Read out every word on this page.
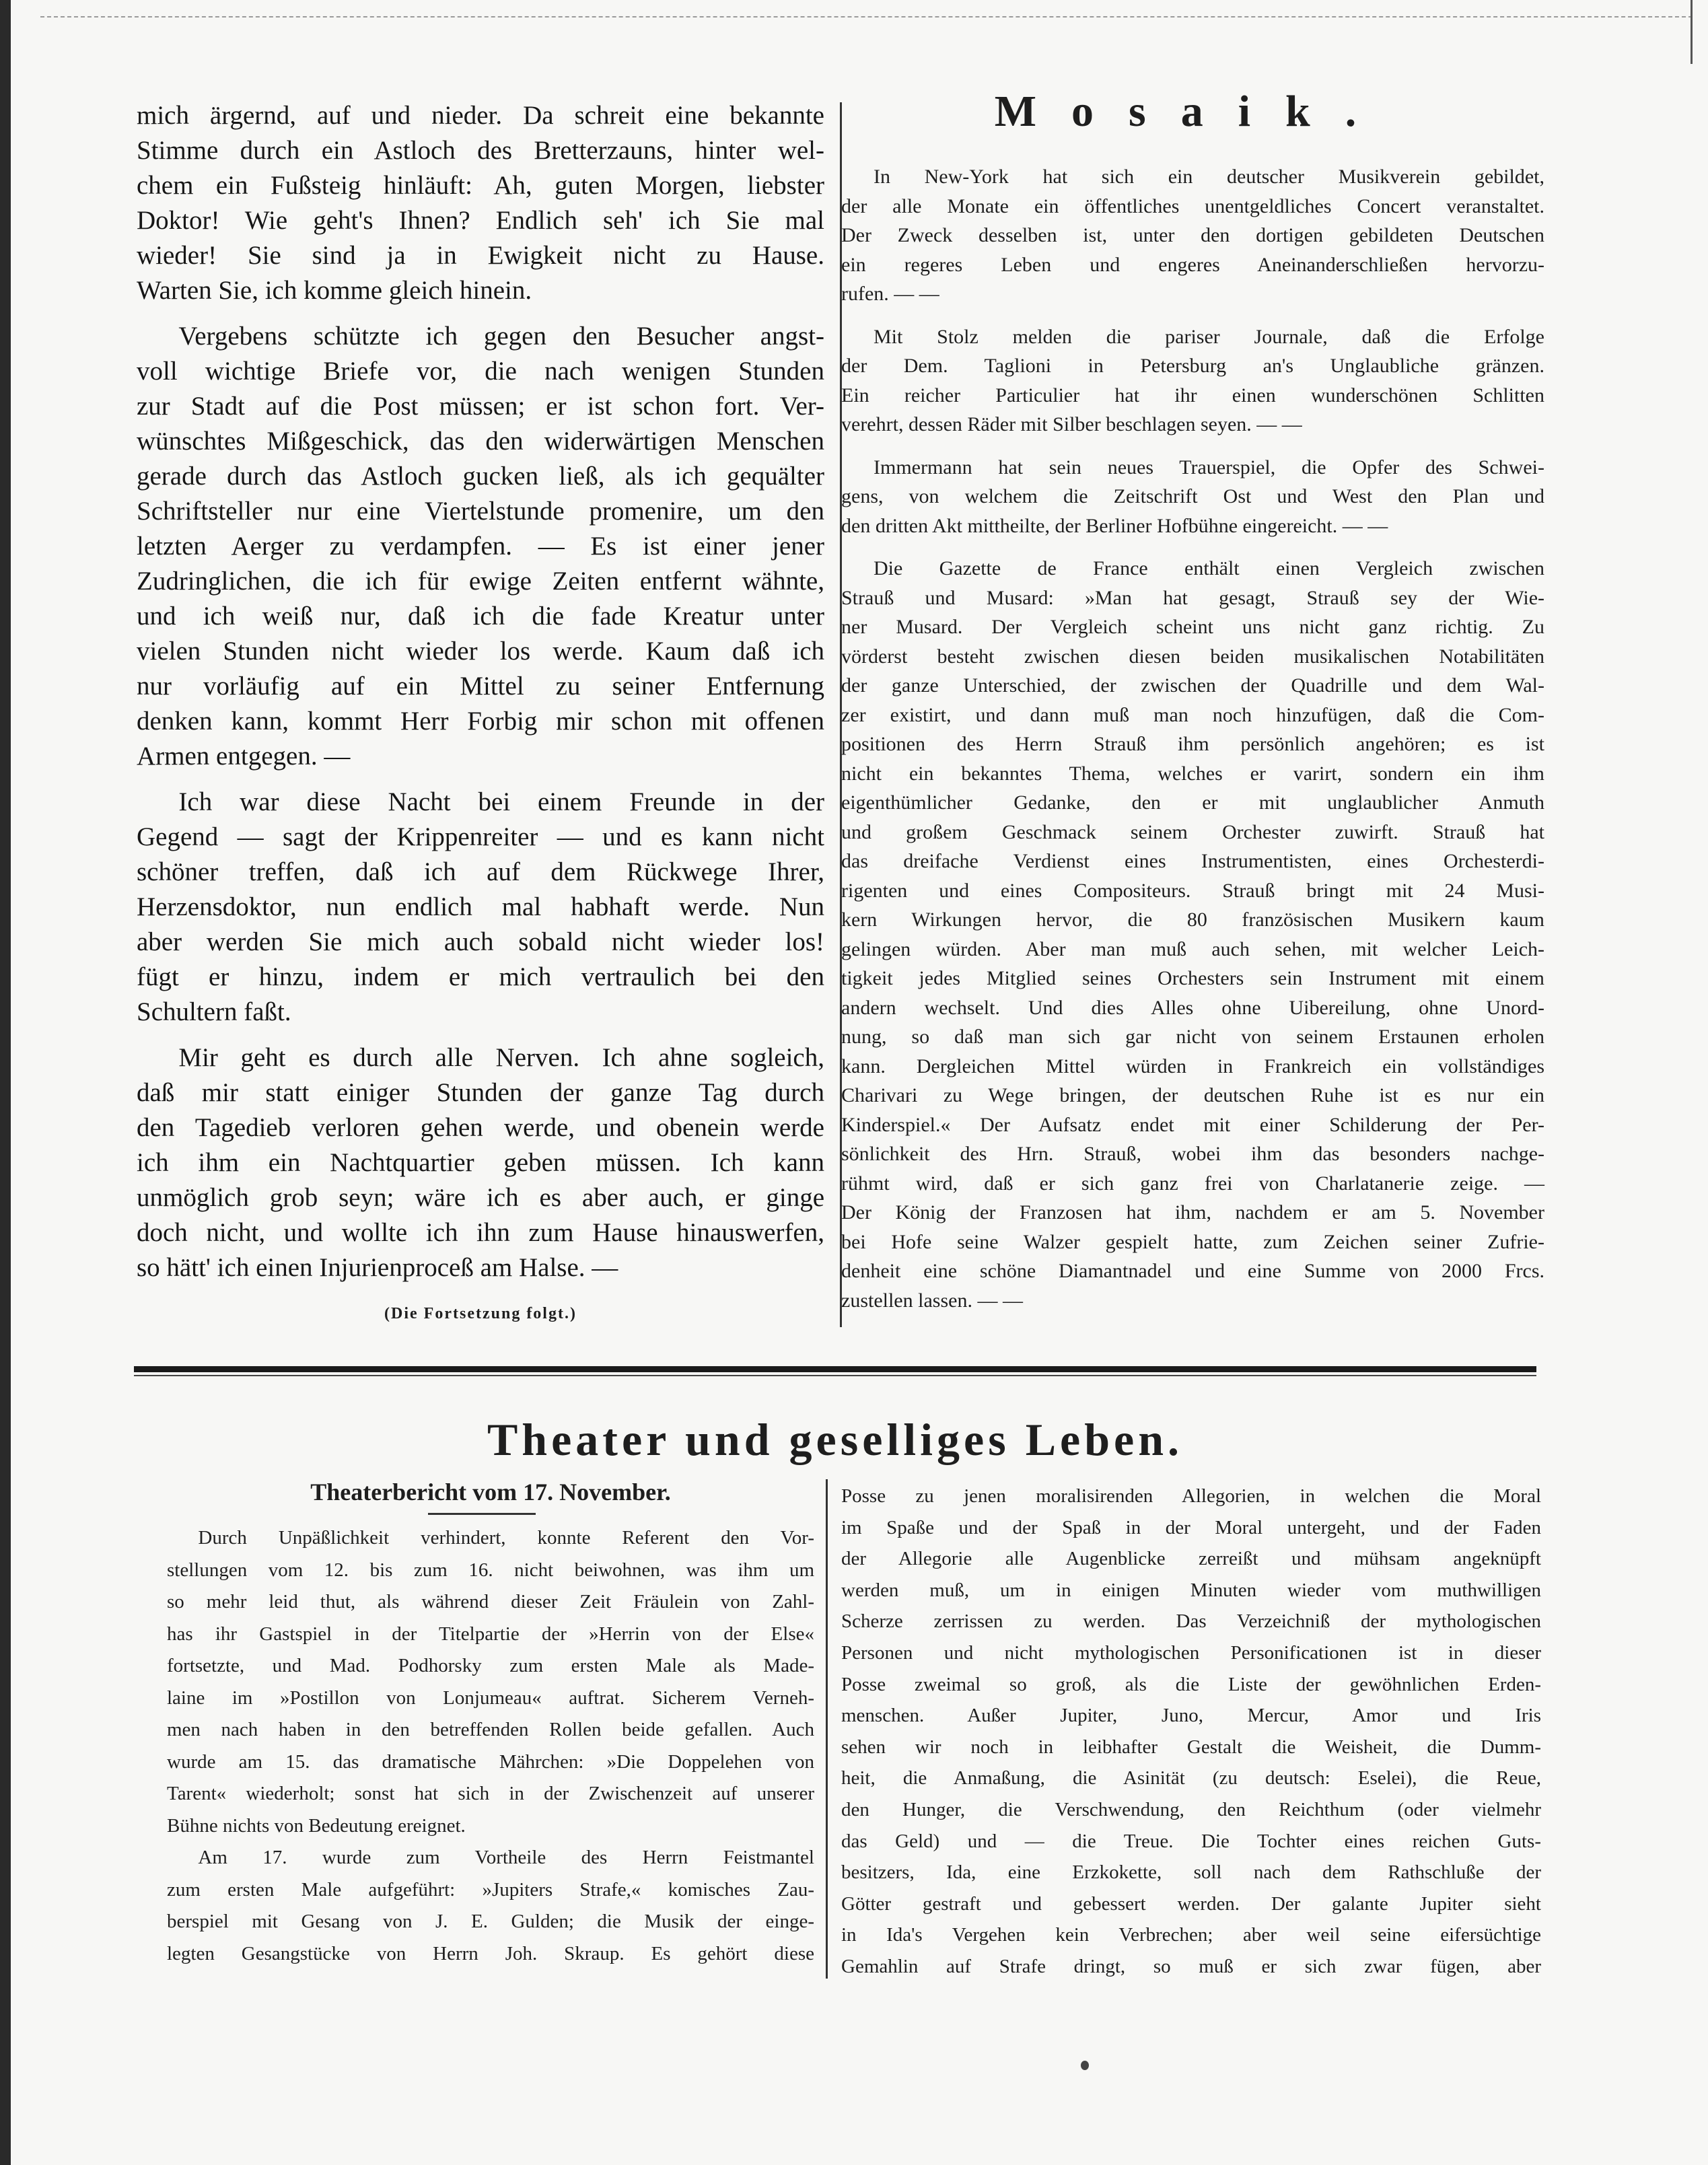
mich ärgernd, auf und nieder. Da schreit eine bekannte
Stimme durch ein Astloch des Bretterzauns, hinter wel-
chem ein Fußsteig hinläuft: Ah, guten Morgen, liebster
Doktor! Wie geht's Ihnen? Endlich seh' ich Sie mal
wieder! Sie sind ja in Ewigkeit nicht zu Hause.
Warten Sie, ich komme gleich hinein.
Vergebens schützte ich gegen den Besucher angst-
voll wichtige Briefe vor, die nach wenigen Stunden
zur Stadt auf die Post müssen; er ist schon fort. Ver-
wünschtes Mißgeschick, das den widerwärtigen Menschen
gerade durch das Astloch gucken ließ, als ich gequälter
Schriftsteller nur eine Viertelstunde promenire, um den
letzten Aerger zu verdampfen. — Es ist einer jener
Zudringlichen, die ich für ewige Zeiten entfernt wähnte,
und ich weiß nur, daß ich die fade Kreatur unter
vielen Stunden nicht wieder los werde. Kaum daß ich
nur vorläufig auf ein Mittel zu seiner Entfernung
denken kann, kommt Herr Forbig mir schon mit offenen
Armen entgegen. —
Ich war diese Nacht bei einem Freunde in der
Gegend — sagt der Krippenreiter — und es kann nicht
schöner treffen, daß ich auf dem Rückwege Ihrer,
Herzensdoktor, nun endlich mal habhaft werde. Nun
aber werden Sie mich auch sobald nicht wieder los!
fügt er hinzu, indem er mich vertraulich bei den
Schultern faßt.
Mir geht es durch alle Nerven. Ich ahne sogleich,
daß mir statt einiger Stunden der ganze Tag durch
den Tagedieb verloren gehen werde, und obenein werde
ich ihm ein Nachtquartier geben müssen. Ich kann
unmöglich grob seyn; wäre ich es aber auch, er ginge
doch nicht, und wollte ich ihn zum Hause hinauswerfen,
so hätt' ich einen Injurienproceß am Halse. —
(Die Fortsetzung folgt.)
Mosaik.
In New-York hat sich ein deutscher Musikverein gebildet,
der alle Monate ein öffentliches unentgeldliches Concert veranstaltet.
Der Zweck desselben ist, unter den dortigen gebildeten Deutschen
ein regeres Leben und engeres Aneinanderschließen hervorzu-
rufen. — —
Mit Stolz melden die pariser Journale, daß die Erfolge
der Dem. Taglioni in Petersburg an's Unglaubliche gränzen.
Ein reicher Particulier hat ihr einen wunderschönen Schlitten
verehrt, dessen Räder mit Silber beschlagen seyen. — —
Immermann hat sein neues Trauerspiel, die Opfer des Schwei-
gens, von welchem die Zeitschrift Ost und West den Plan und
den dritten Akt mittheilte, der Berliner Hofbühne eingereicht. — —
Die Gazette de France enthält einen Vergleich zwischen
Strauß und Musard: »Man hat gesagt, Strauß sey der Wie-
ner Musard. Der Vergleich scheint uns nicht ganz richtig. Zu
vörderst besteht zwischen diesen beiden musikalischen Notabilitäten
der ganze Unterschied, der zwischen der Quadrille und dem Wal-
zer existirt, und dann muß man noch hinzufügen, daß die Com-
positionen des Herrn Strauß ihm persönlich angehören; es ist
nicht ein bekanntes Thema, welches er varirt, sondern ein ihm
eigenthümlicher Gedanke, den er mit unglaublicher Anmuth
und großem Geschmack seinem Orchester zuwirft. Strauß hat
das dreifache Verdienst eines Instrumentisten, eines Orchesterdi-
rigenten und eines Compositeurs. Strauß bringt mit 24 Musi-
kern Wirkungen hervor, die 80 französischen Musikern kaum
gelingen würden. Aber man muß auch sehen, mit welcher Leich-
tigkeit jedes Mitglied seines Orchesters sein Instrument mit einem
andern wechselt. Und dies Alles ohne Uibereilung, ohne Unord-
nung, so daß man sich gar nicht von seinem Erstaunen erholen
kann. Dergleichen Mittel würden in Frankreich ein vollständiges
Charivari zu Wege bringen, der deutschen Ruhe ist es nur ein
Kinderspiel.« Der Aufsatz endet mit einer Schilderung der Per-
sönlichkeit des Hrn. Strauß, wobei ihm das besonders nachge-
rühmt wird, daß er sich ganz frei von Charlatanerie zeige. —
Der König der Franzosen hat ihm, nachdem er am 5. November
bei Hofe seine Walzer gespielt hatte, zum Zeichen seiner Zufrie-
denheit eine schöne Diamantnadel und eine Summe von 2000 Frcs.
zustellen lassen. — —
Theater und geselliges Leben.
Theaterbericht vom 17. November.
Durch Unpäßlichkeit verhindert, konnte Referent den Vor-
stellungen vom 12. bis zum 16. nicht beiwohnen, was ihm um
so mehr leid thut, als während dieser Zeit Fräulein von Zahl-
has ihr Gastspiel in der Titelpartie der »Herrin von der Else«
fortsetzte, und Mad. Podhorsky zum ersten Male als Made-
laine im »Postillon von Lonjumeau« auftrat. Sicherem Verneh-
men nach haben in den betreffenden Rollen beide gefallen. Auch
wurde am 15. das dramatische Mährchen: »Die Doppelehen von
Tarent« wiederholt; sonst hat sich in der Zwischenzeit auf unserer
Bühne nichts von Bedeutung ereignet.
Am 17. wurde zum Vortheile des Herrn Feistmantel
zum ersten Male aufgeführt: »Jupiters Strafe,« komisches Zau-
berspiel mit Gesang von J. E. Gulden; die Musik der einge-
legten Gesangstücke von Herrn Joh. Skraup. Es gehört diese
Posse zu jenen moralisirenden Allegorien, in welchen die Moral
im Spaße und der Spaß in der Moral untergeht, und der Faden
der Allegorie alle Augenblicke zerreißt und mühsam angeknüpft
werden muß, um in einigen Minuten wieder vom muthwilligen
Scherze zerrissen zu werden. Das Verzeichniß der mythologischen
Personen und nicht mythologischen Personificationen ist in dieser
Posse zweimal so groß, als die Liste der gewöhnlichen Erden-
menschen. Außer Jupiter, Juno, Mercur, Amor und Iris
sehen wir noch in leibhafter Gestalt die Weisheit, die Dumm-
heit, die Anmaßung, die Asinität (zu deutsch: Eselei), die Reue,
den Hunger, die Verschwendung, den Reichthum (oder vielmehr
das Geld) und — die Treue. Die Tochter eines reichen Guts-
besitzers, Ida, eine Erzkokette, soll nach dem Rathschluße der
Götter gestraft und gebessert werden. Der galante Jupiter sieht
in Ida's Vergehen kein Verbrechen; aber weil seine eifersüchtige
Gemahlin auf Strafe dringt, so muß er sich zwar fügen, aber
